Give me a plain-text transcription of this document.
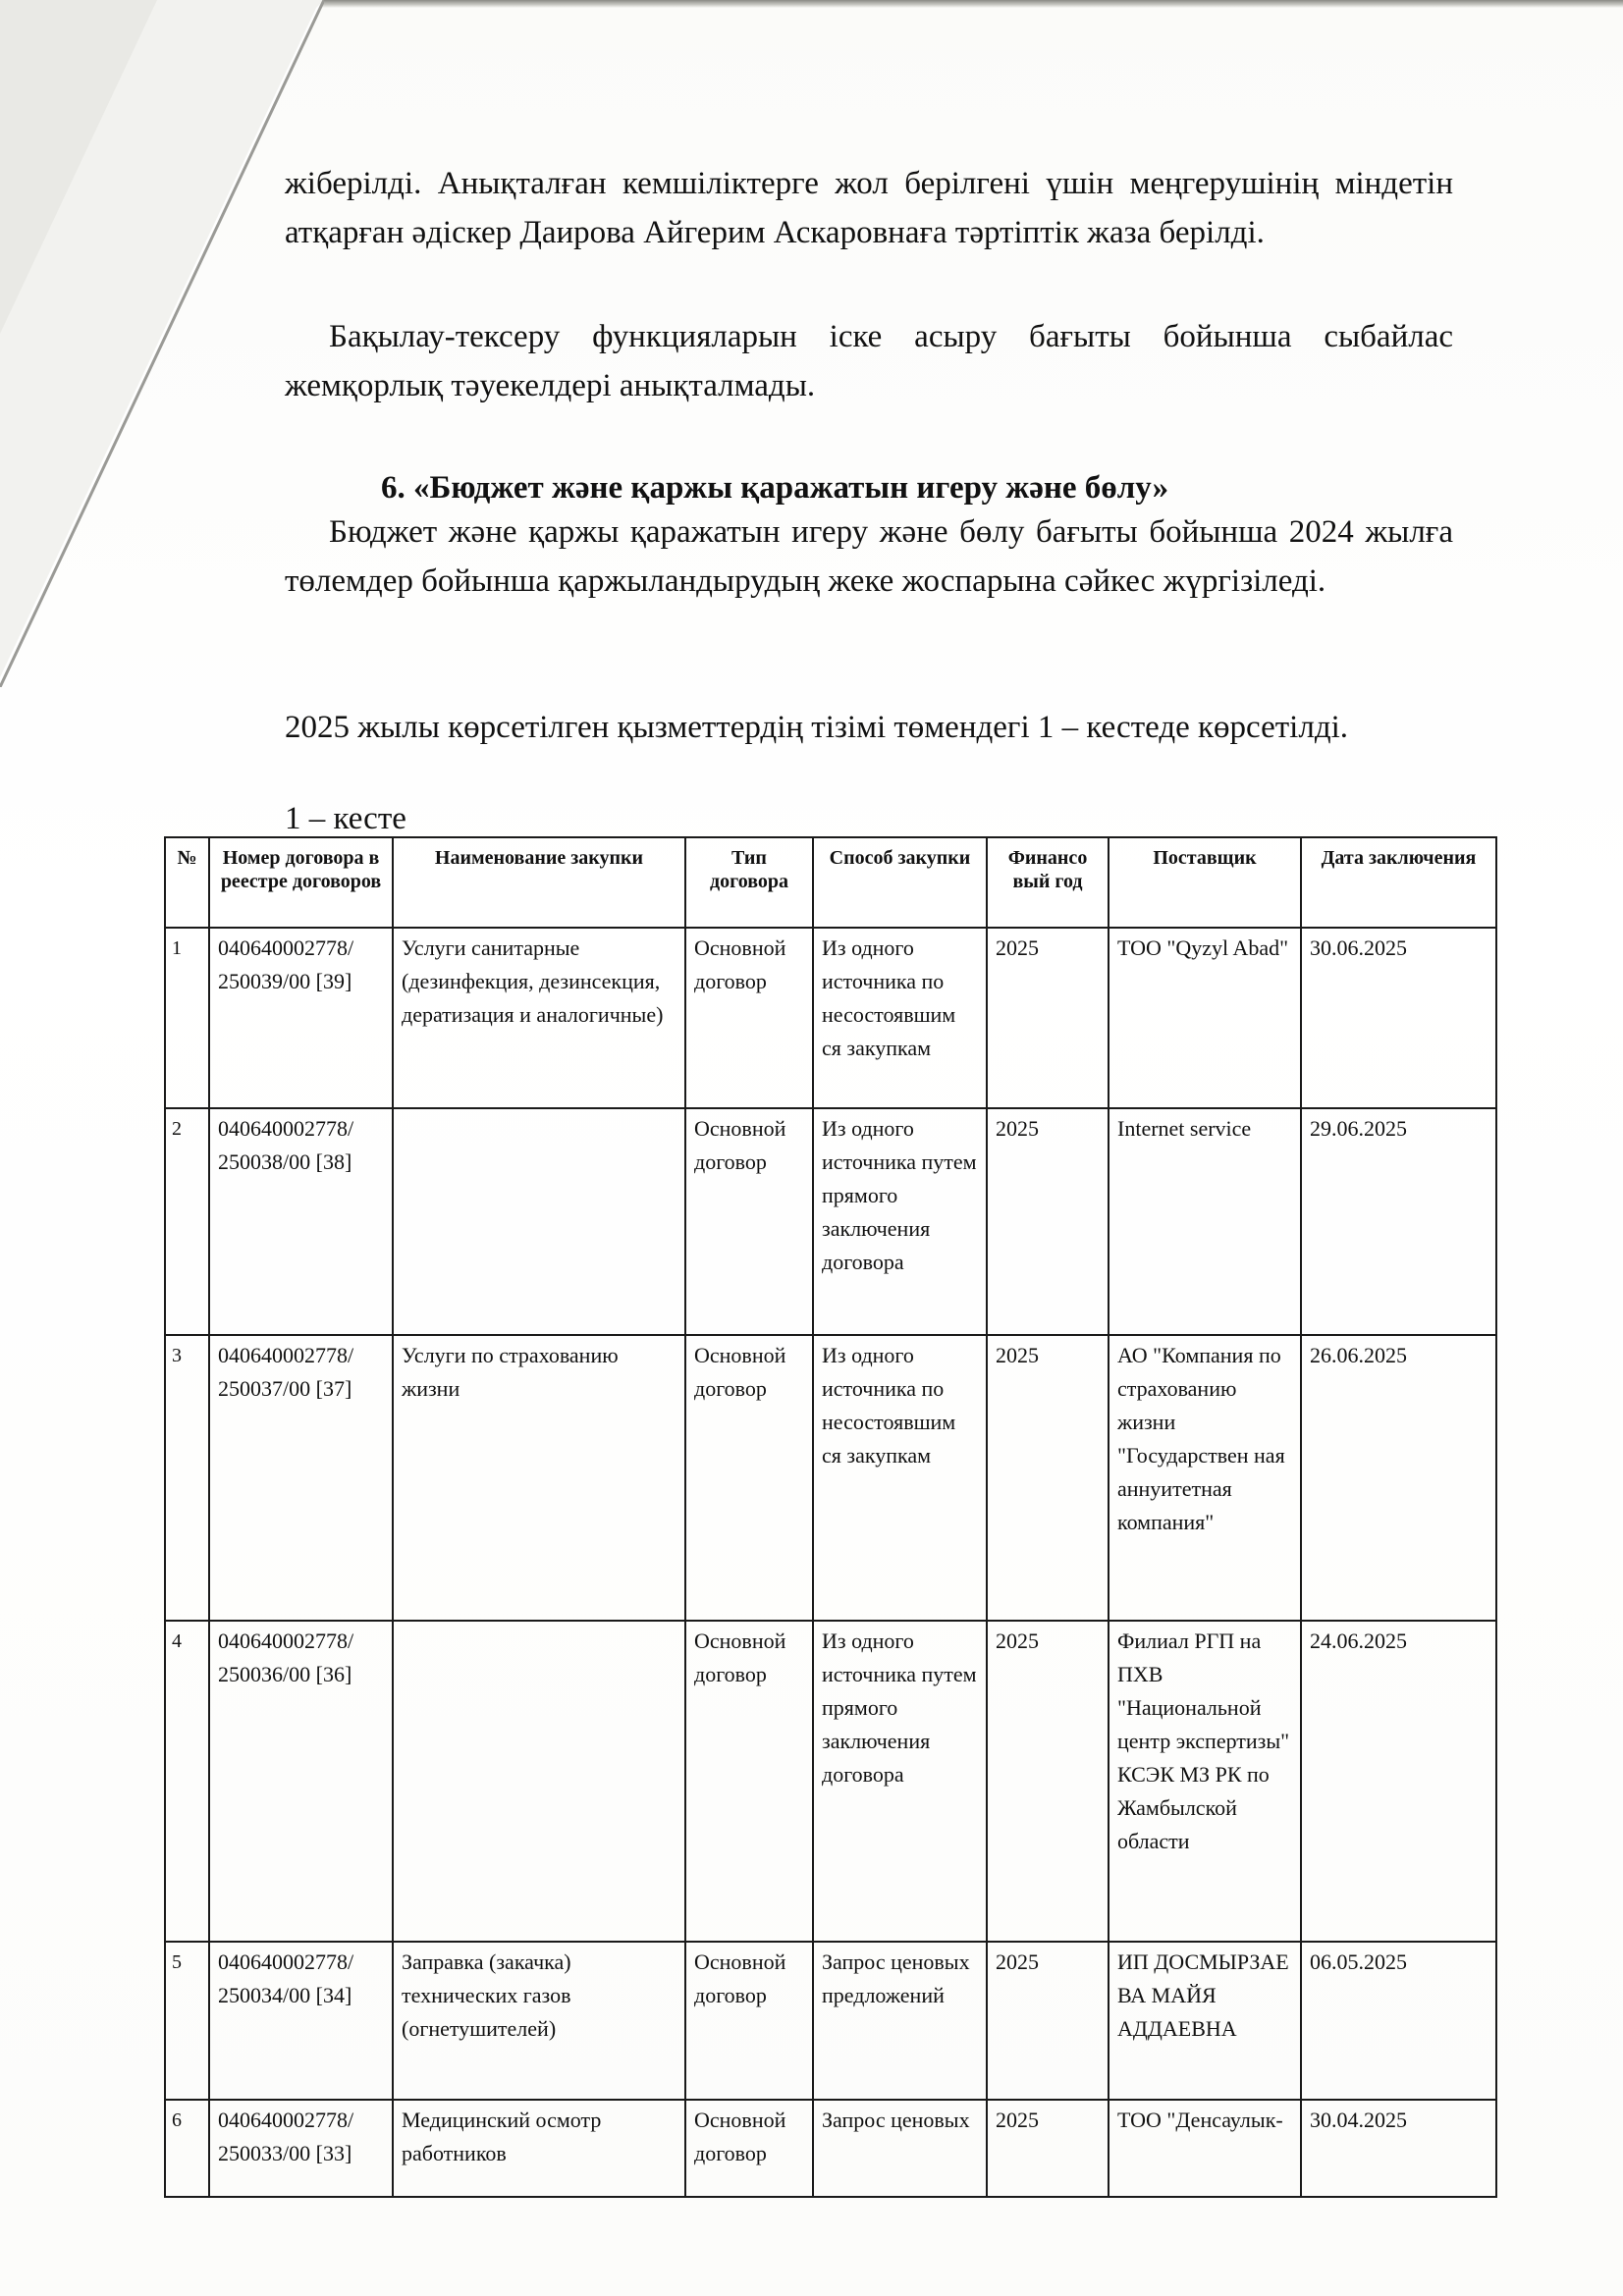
жіберілді. Анықталған кемшіліктерге жол берілгені үшін меңгерушінің міндетін атқарған әдіскер Даирова Айгерим Аскаровнаға тәртіптік жаза берілді.
Бақылау-тексеру функцияларын іске асыру бағыты бойынша сыбайлас жемқорлық тәуекелдері анықталмады.
6. «Бюджет және қаржы қаражатын игеру және бөлу»
Бюджет және қаржы қаражатын игеру және бөлу бағыты бойынша 2024 жылға төлемдер бойынша қаржыландырудың жеке жоспарына сәйкес жүргізіледі.
2025 жылы көрсетілген қызметтердің тізімі төмендегі 1 – кестеде көрсетілді.
1 – кесте
№	Номер договора в реестре договоров	Наименование закупки	Тип договора	Способ закупки	Финансо вый год	Поставщик	Дата заключения
1	040640002778/ 250039/00 [39]	Услуги санитарные (дезинфекция, дезинсекция, дератизация и аналогичные)	Основной договор	Из одного источника по несостоявшим ся закупкам	2025	ТОО "Qyzyl Abad"	30.06.2025
2	040640002778/ 250038/00 [38]		Основной договор	Из одного источника путем прямого заключения договора	2025	Internet service	29.06.2025
3	040640002778/ 250037/00 [37]	Услуги по страхованию жизни	Основной договор	Из одного источника по несостоявшим ся закупкам	2025	АО "Компания по страхованию жизни "Государствен ная аннуитетная компания"	26.06.2025
4	040640002778/ 250036/00 [36]		Основной договор	Из одного источника путем прямого заключения договора	2025	Филиал РГП на ПХВ "Национальной центр экспертизы" КСЭК МЗ РК по Жамбылской области	24.06.2025
5	040640002778/ 250034/00 [34]	Заправка (закачка) технических газов (огнетушителей)	Основной договор	Запрос ценовых предложений	2025	ИП ДОСМЫРЗАЕ ВА МАЙЯ АДДАЕВНА	06.05.2025
6	040640002778/ 250033/00 [33]	Медицинский осмотр работников	Основной договор	Запрос ценовых	2025	ТОО "Денсаулык-	30.04.2025
